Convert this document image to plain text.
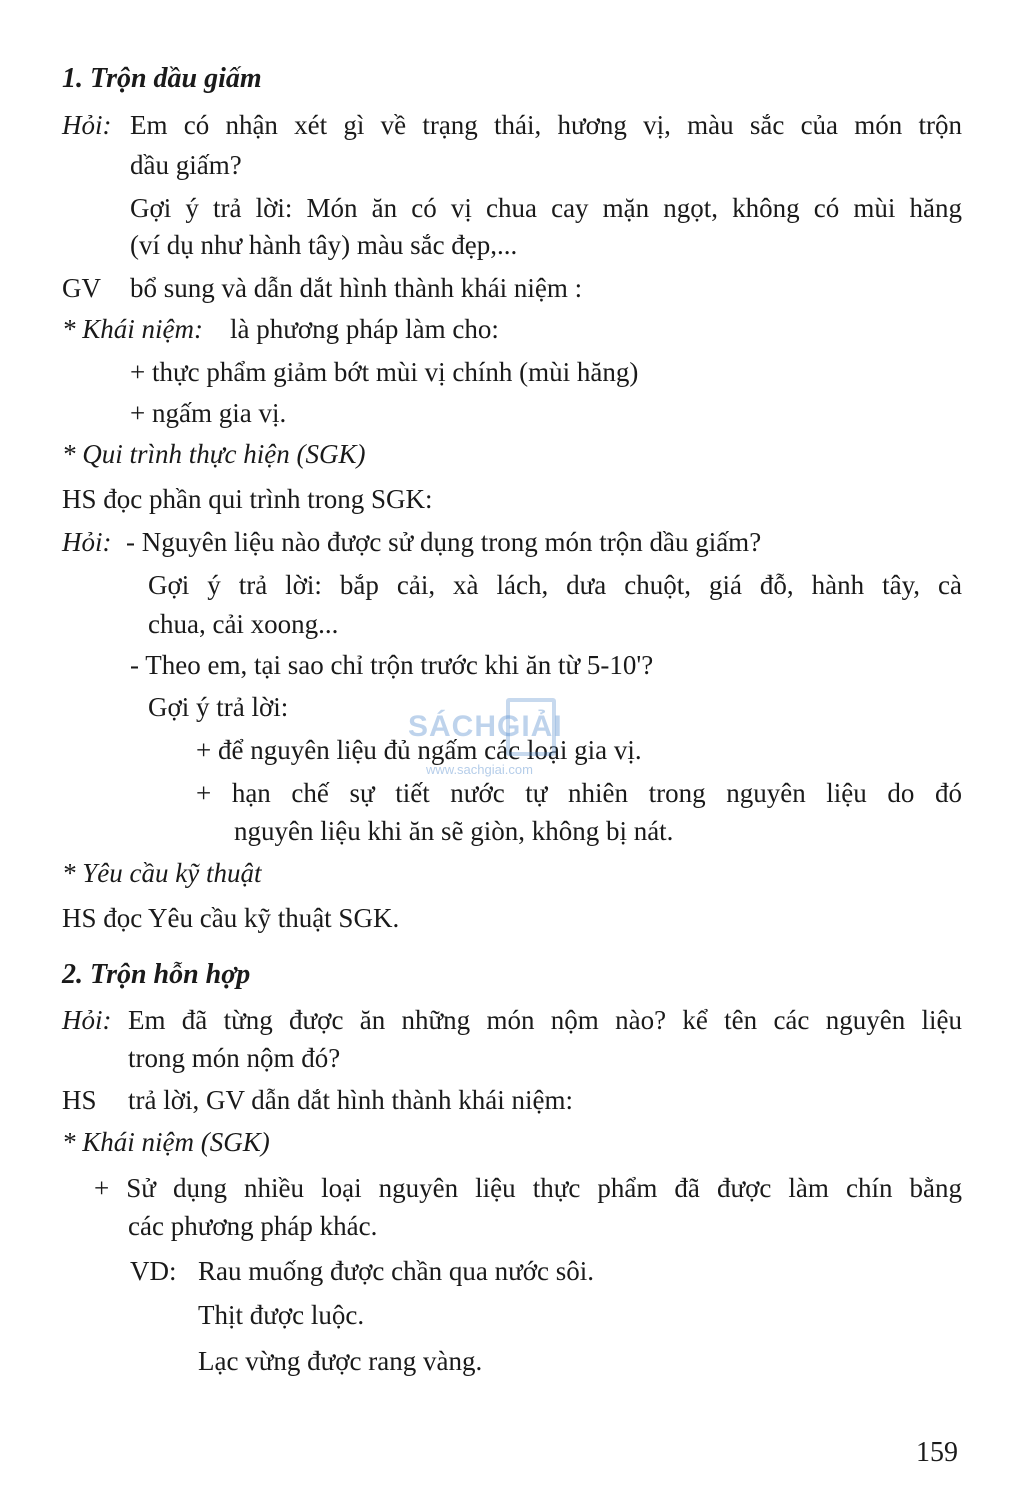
1. Trộn dầu giấm
Hỏi: Em có nhận xét gì về trạng thái, hương vị, màu sắc của món trộn
dầu giấm?
Gợi ý trả lời: Món ăn có vị chua cay mặn ngọt, không có mùi hăng
(ví dụ như hành tây) màu sắc đẹp,...
GV bổ sung và dẫn dắt hình thành khái niệm :
* Khái niệm: là phương pháp làm cho:
+ thực phẩm giảm bớt mùi vị chính (mùi hăng)
+ ngấm gia vị.
* Qui trình thực hiện (SGK)
HS đọc phần qui trình trong SGK:
Hỏi: - Nguyên liệu nào được sử dụng trong món trộn dầu giấm?
Gợi ý trả lời: bắp cải, xà lách, dưa chuột, giá đỗ, hành tây, cà
chua, cải xoong...
- Theo em, tại sao chỉ trộn trước khi ăn từ 5-10'?
Gợi ý trả lời:
+ để nguyên liệu đủ ngấm các loại gia vị.
+ hạn chế sự tiết nước tự nhiên trong nguyên liệu do đó
nguyên liệu khi ăn sẽ giòn, không bị nát.
* Yêu cầu kỹ thuật
HS đọc Yêu cầu kỹ thuật SGK.
2. Trộn hỗn hợp
Hỏi: Em đã từng được ăn những món nộm nào? kể tên các nguyên liệu
trong món nộm đó?
HS trả lời, GV dẫn dắt hình thành khái niệm:
* Khái niệm (SGK)
+ Sử dụng nhiều loại nguyên liệu thực phẩm đã được làm chín bằng
các phương pháp khác.
VD: Rau muống được chần qua nước sôi.
Thịt được luộc.
Lạc vừng được rang vàng.
159
SÁCHGIẢI
www.sachgiai.com
